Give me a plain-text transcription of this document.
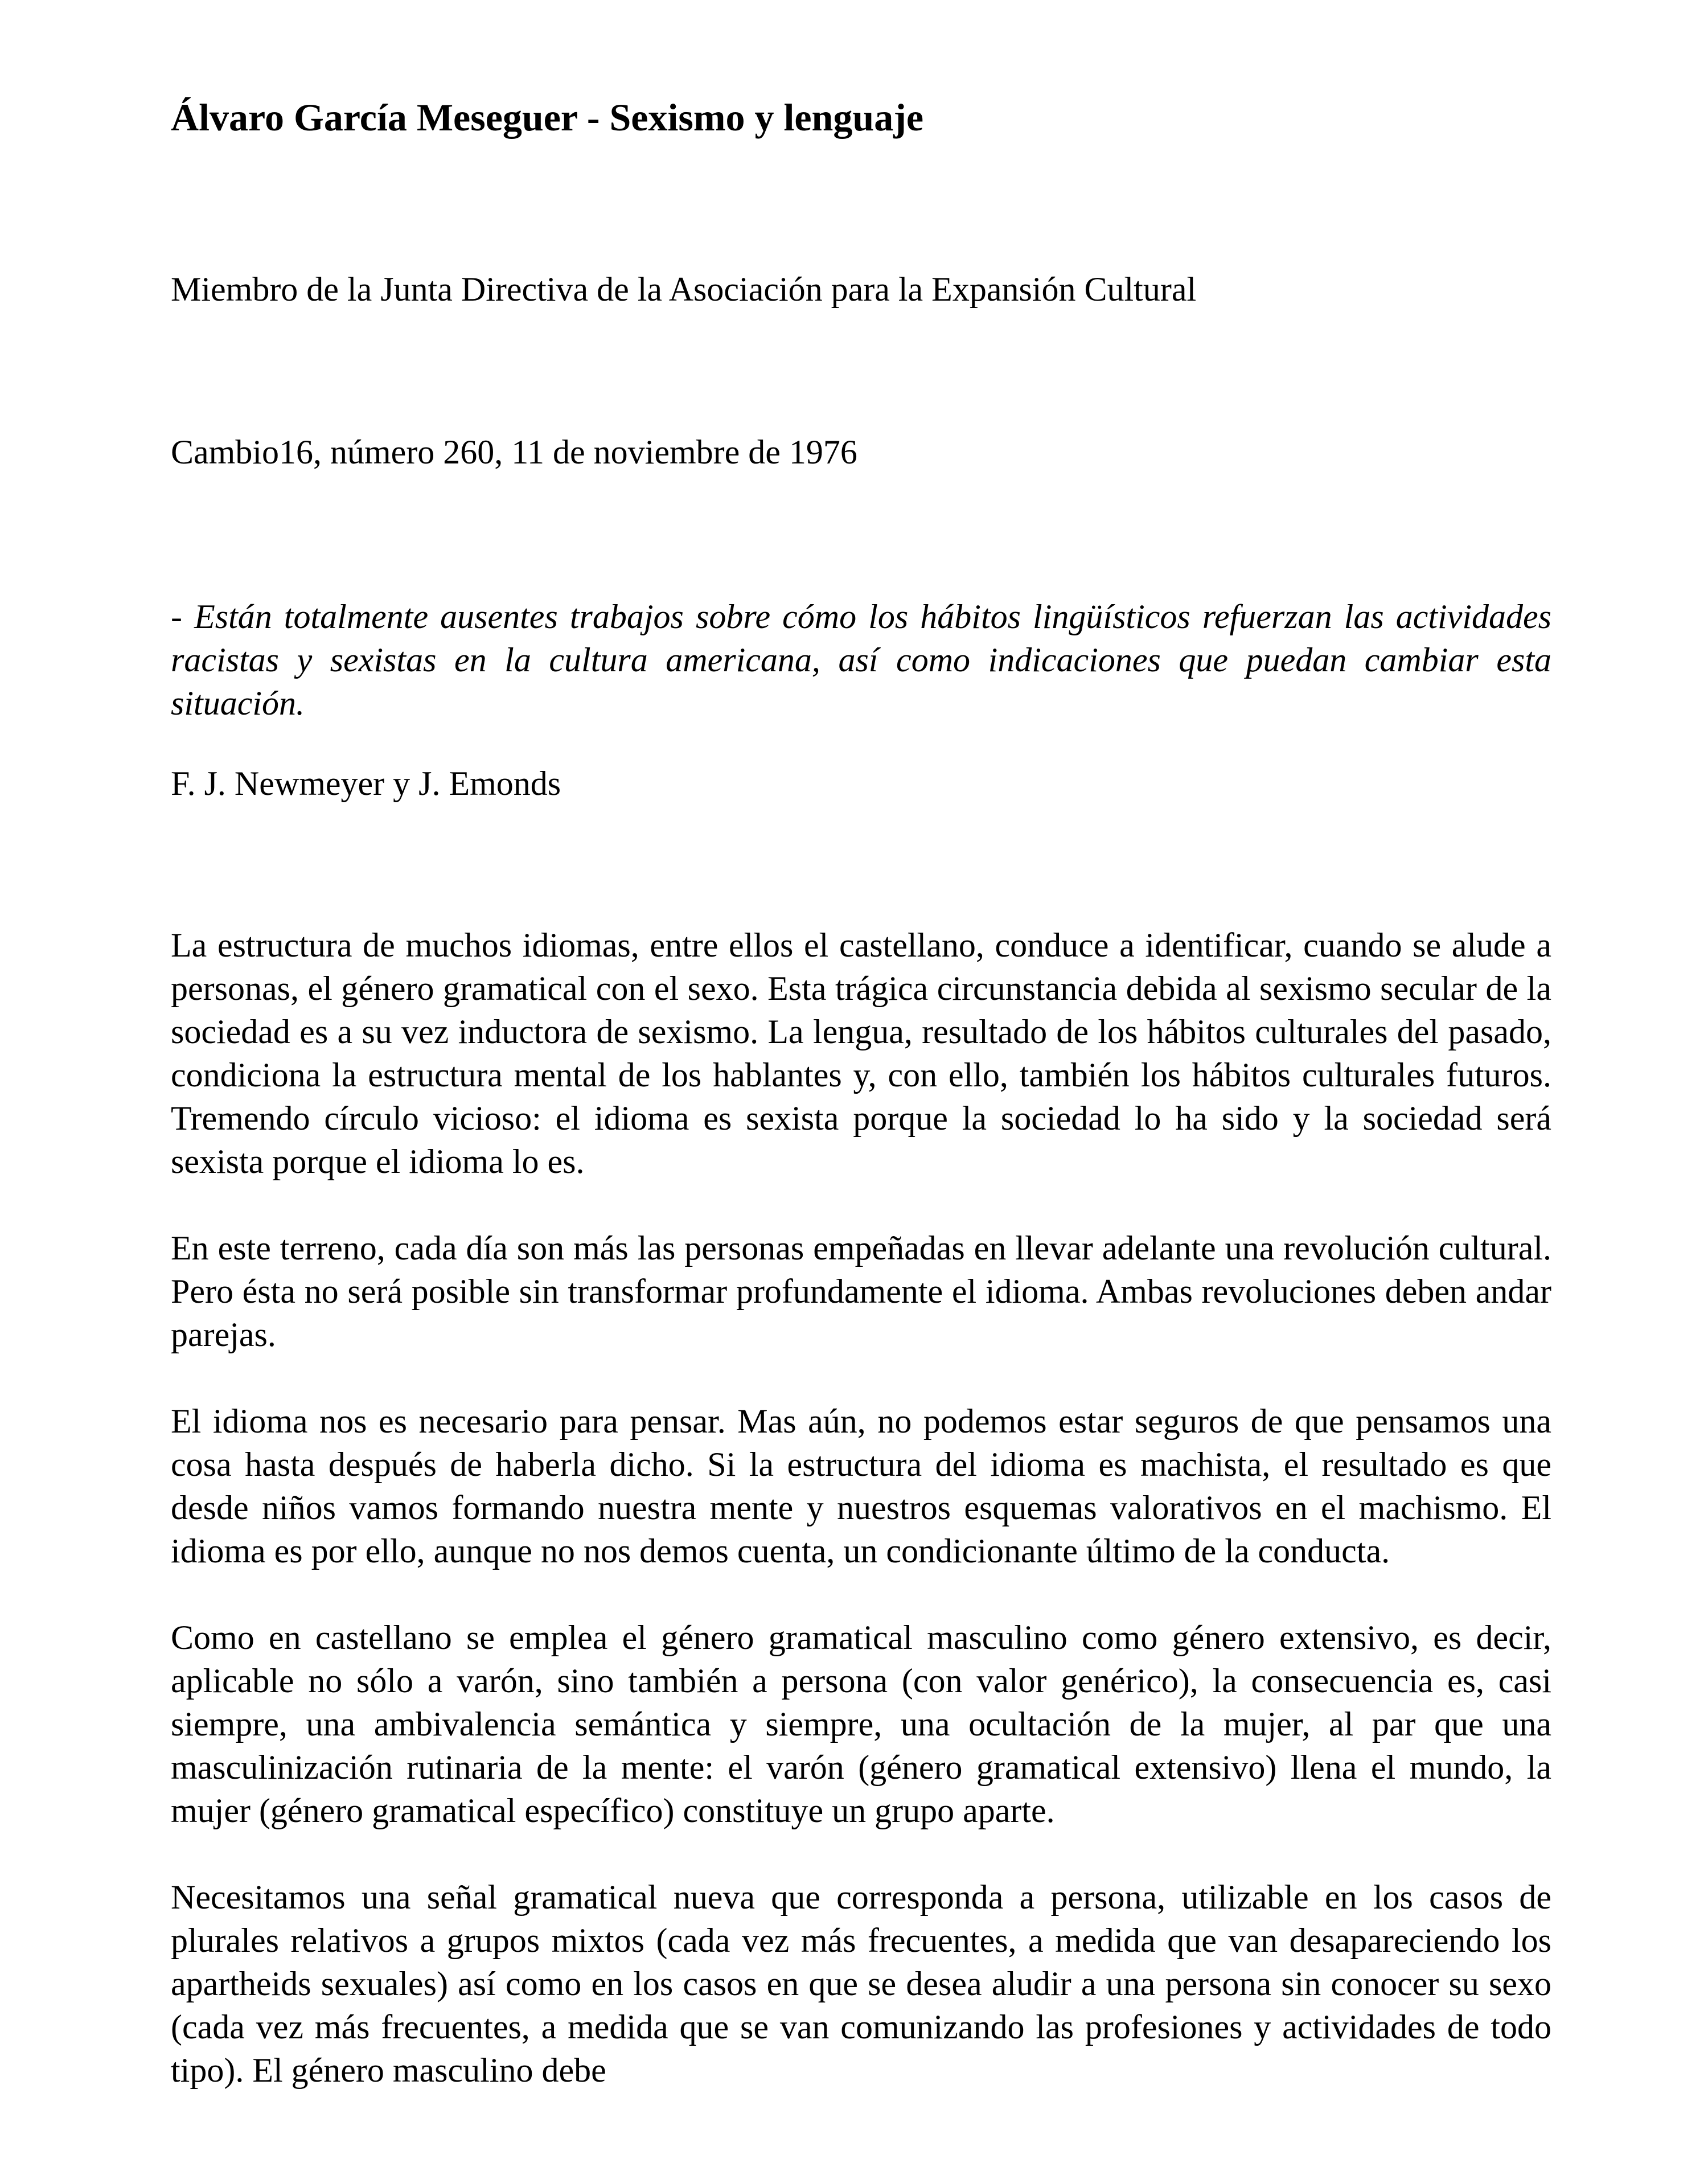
Álvaro García Meseguer - Sexismo y lenguaje

Miembro de la Junta Directiva de la Asociación para la Expansión Cultural

Cambio16, número 260, 11 de noviembre de 1976

- Están totalmente ausentes trabajos sobre cómo los hábitos lingüísticos refuerzan las actividades racistas y sexistas en la cultura americana, así como indicaciones que puedan cambiar esta situación.

F. J. Newmeyer y J. Emonds

La estructura de muchos idiomas, entre ellos el castellano, conduce a identificar, cuando se alude a personas, el género gramatical con el sexo. Esta trágica circunstancia debida al sexismo secular de la sociedad es a su vez inductora de sexismo. La lengua, resultado de los hábitos culturales del pasado, condiciona la estructura mental de los hablantes y, con ello, también los hábitos culturales futuros. Tremendo círculo vicioso: el idioma es sexista porque la sociedad lo ha sido y la sociedad será sexista porque el idioma lo es.

En este terreno, cada día son más las personas empeñadas en llevar adelante una revolución cultural. Pero ésta no será posible sin transformar profundamente el idioma. Ambas revoluciones deben andar parejas.

El idioma nos es necesario para pensar. Mas aún, no podemos estar seguros de que pensamos una cosa hasta después de haberla dicho. Si la estructura del idioma es machista, el resultado es que desde niños vamos formando nuestra mente y nuestros esquemas valorativos en el machismo. El idioma es por ello, aunque no nos demos cuenta, un condicionante último de la conducta.

Como en castellano se emplea el género gramatical masculino como género extensivo, es decir, aplicable no sólo a varón, sino también a persona (con valor genérico), la consecuencia es, casi siempre, una ambivalencia semántica y siempre, una ocultación de la mujer, al par que una masculinización rutinaria de la mente: el varón (género gramatical extensivo) llena el mundo, la mujer (género gramatical específico) constituye un grupo aparte.

Necesitamos una señal gramatical nueva que corresponda a persona, utilizable en los casos de plurales relativos a grupos mixtos (cada vez más frecuentes, a medida que van desapareciendo los apartheids sexuales) así como en los casos en que se desea aludir a una persona sin conocer su sexo (cada vez más frecuentes, a medida que se van comunizando las profesiones y actividades de todo tipo). El género masculino debe
